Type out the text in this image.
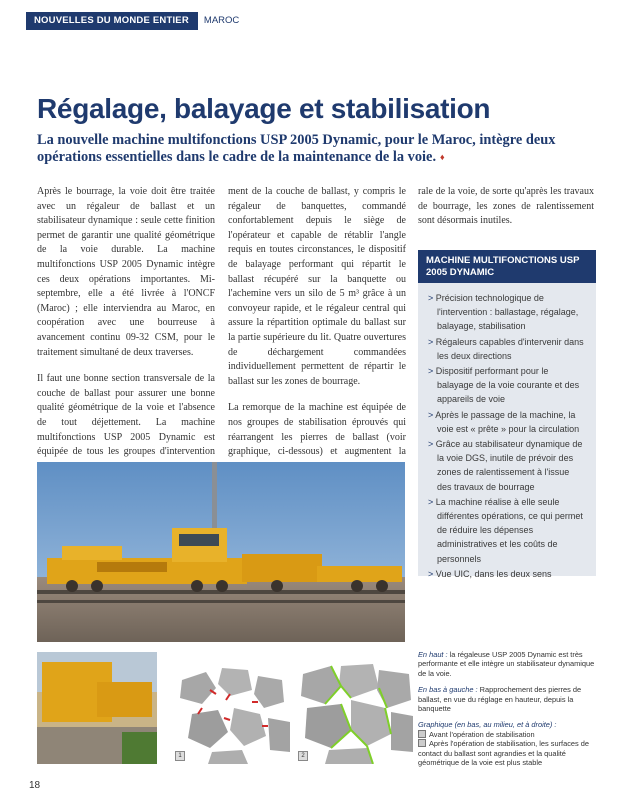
NOUVELLES DU MONDE ENTIER	MAROC
Régalage, balayage et stabilisation

La nouvelle machine multifonctions USP 2005 Dynamic, pour le Maroc, intègre deux opérations essentielles dans le cadre de la maintenance de la voie. ♦

Après le bourrage, la voie doit être traitée avec un régaleur de ballast et un stabilisateur dynamique : seule cette finition permet de garantir une qualité géométrique de la voie durable. La machine multifonctions USP 2005 Dynamic intègre ces deux opérations importantes. Mi-septembre, elle a été livrée à l'ONCF (Maroc) ; elle interviendra au Maroc, en coopération avec une bourreuse à avancement continu 09-32 CSM, pour le traitement simultané de deux traverses.

Il faut une bonne section transversale de la couche de ballast pour assurer une bonne qualité géométrique de la voie et l'absence de tout déjettement. La machine multifonctions USP 2005 Dynamic est équipée de tous les groupes d'intervention

ment de la couche de ballast, y compris le régaleur de banquettes, commandé confortablement depuis le siège de l'opérateur et capable de rétablir l'angle requis en toutes circonstances, le dispositif de balayage performant qui répartit le ballast récupéré sur la banquette ou l'achemine vers un silo de 5 m³ grâce à un convoyeur rapide, et le régaleur central qui assure la répartition optimale du ballast sur la partie supérieure du lit. Quatre ouvertures de déchargement commandées individuellement permettent de répartir le ballast sur les zones de bourrage.

La remorque de la machine est équipée de nos groupes de stabilisation éprouvés qui réarrangent les pierres de ballast (voir graphique, ci-dessous) et augmentent la

rale de la voie, de sorte qu'après les travaux de bourrage, les zones de ralentissement sont désormais inutiles.

MACHINE MULTIFONCTIONS USP 2005 DYNAMIC
> Précision technologique de l'intervention : ballastage, régalage, balayage, stabilisation
> Régaleurs capables d'intervenir dans les deux directions
> Dispositif performant pour le balayage de la voie courante et des appareils de voie
> Après le passage de la machine, la voie est « prête » pour la circulation
> Grâce au stabilisateur dynamique de la voie DGS, inutile de prévoir des zones de ralentissement à l'issue des travaux de bourrage
> La machine réalise à elle seule différentes opérations, ce qui permet de réduire les dépenses administratives et les coûts de personnels
> Vue UIC, dans les deux sens
1	2

En haut : la régaleuse USP 2005 Dynamic est très performante et elle intègre un stabilisateur dynamique de la voie.

En bas à gauche : Rapprochement des pierres de ballast, en vue du réglage en hauteur, depuis la banquette

Graphique (en bas, au milieu, et à droite) :
Avant l'opération de stabilisation
Après l'opération de stabilisation, les surfaces de contact du ballast sont agrandies et la qualité géométrique de la voie est plus stable

18
